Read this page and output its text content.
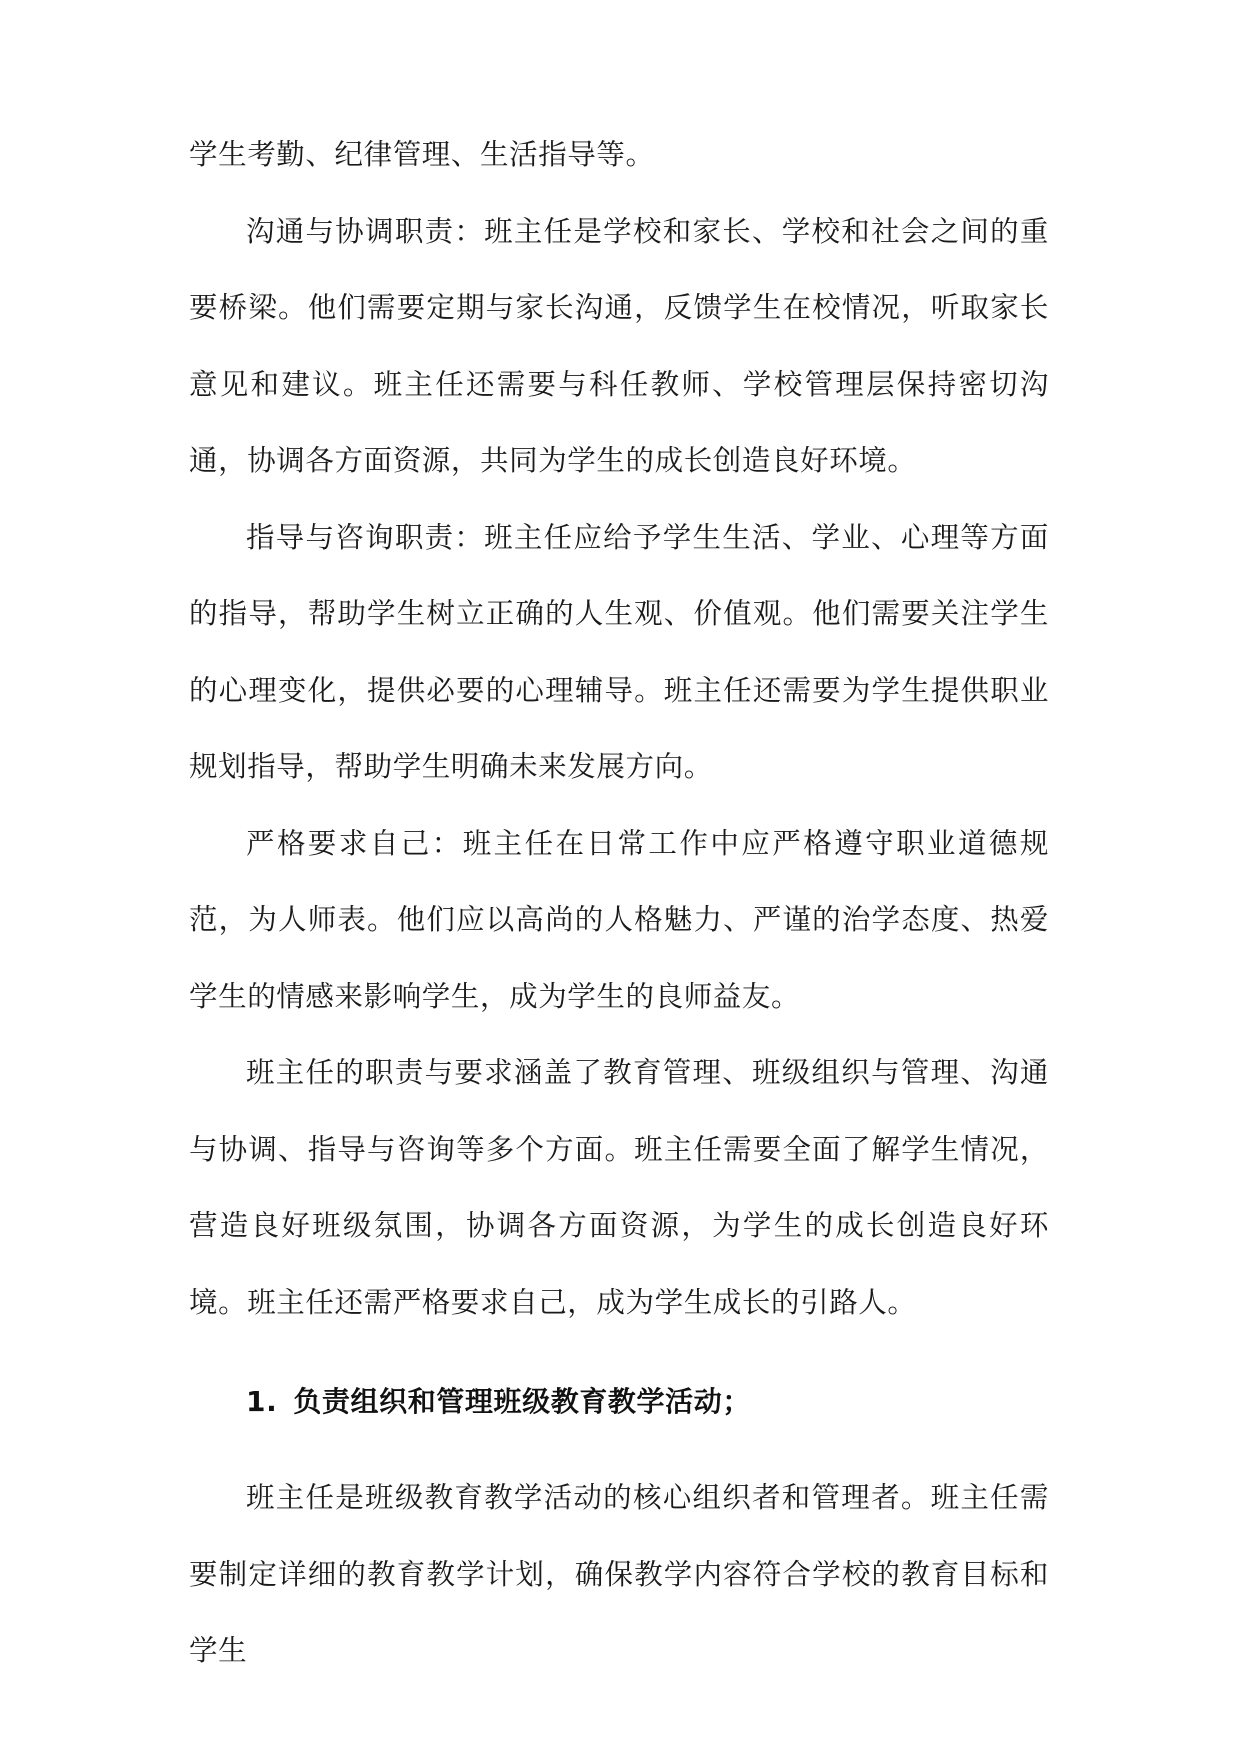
学生考勤、纪律管理、生活指导等。

沟通与协调职责：班主任是学校和家长、学校和社会之间的重要桥梁。他们需要定期与家长沟通，反馈学生在校情况，听取家长意见和建议。班主任还需要与科任教师、学校管理层保持密切沟通，协调各方面资源，共同为学生的成长创造良好环境。

指导与咨询职责：班主任应给予学生生活、学业、心理等方面的指导，帮助学生树立正确的人生观、价值观。他们需要关注学生的心理变化，提供必要的心理辅导。班主任还需要为学生提供职业规划指导，帮助学生明确未来发展方向。

严格要求自己：班主任在日常工作中应严格遵守职业道德规范，为人师表。他们应以高尚的人格魅力、严谨的治学态度、热爱学生的情感来影响学生，成为学生的良师益友。

班主任的职责与要求涵盖了教育管理、班级组织与管理、沟通与协调、指导与咨询等多个方面。班主任需要全面了解学生情况，营造良好班级氛围，协调各方面资源，为学生的成长创造良好环境。班主任还需严格要求自己，成为学生成长的引路人。

1. 负责组织和管理班级教育教学活动；

班主任是班级教育教学活动的核心组织者和管理者。班主任需要制定详细的教育教学计划，确保教学内容符合学校的教育目标和学生
